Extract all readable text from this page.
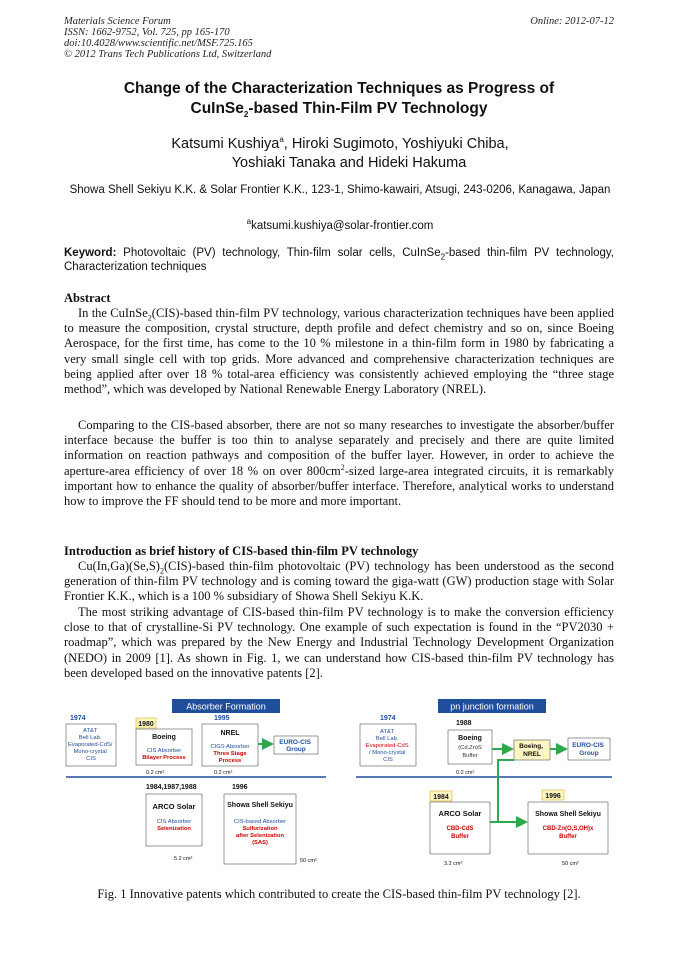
Materials Science Forum
ISSN: 1662-9752, Vol. 725, pp 165-170
doi:10.4028/www.scientific.net/MSF.725.165
© 2012 Trans Tech Publications Ltd, Switzerland
Online: 2012-07-12
Change of the Characterization Techniques as Progress of
CuInSe$_2$-based Thin-Film PV Technology
Katsumi Kushiya$^a$, Hiroki Sugimoto, Yoshiyuki Chiba,
Yoshiaki Tanaka and Hideki Hakuma
Showa Shell Sekiyu K.K. & Solar Frontier K.K., 123-1, Shimo-kawairi, Atsugi, 243-0206, Kanagawa, Japan
$^a$katsumi.kushiya@solar-frontier.com
Keyword: Photovoltaic (PV) technology, Thin-film solar cells, CuInSe$_2$-based thin-film PV technology, Characterization techniques
Abstract
In the CuInSe$_2$(CIS)-based thin-film PV technology, various characterization techniques have been applied to measure the composition, crystal structure, depth profile and defect chemistry and so on, since Boeing Aerospace, for the first time, has come to the 10 % milestone in a thin-film form in 1980 by fabricating a very small single cell with top grids. More advanced and comprehensive characterization techniques are being applied after over 18 % total-area efficiency was consistently achieved employing the “three stage method”, which was developed by National Renewable Energy Laboratory (NREL).
Comparing to the CIS-based absorber, there are not so many researches to investigate the absorber/buffer interface because the buffer is too thin to analyse separately and precisely and there are quite limited information on reaction pathways and composition of the buffer layer. However, in order to achieve the aperture-area efficiency of over 18 % on over $800cm^2$-sized large-area integrated circuits, it is remarkably important how to enhance the quality of absorber/buffer interface. Therefore, analytical works to understand how to improve the FF should tend to be more and more important.
Introduction as brief history of CIS-based thin-film PV technology
$Cu(In,Ga)(Se,S)_2(CIS)$-based thin-film photovoltaic (PV) technology has been understood as the second generation of thin-film PV technology and is coming toward the giga-watt (GW) production stage with Solar Frontier K.K., which is a 100 % subsidiary of Showa Shell Sekiyu K.K.
The most striking advantage of CIS-based thin-film PV technology is to make the conversion efficiency close to that of crystalline-Si PV technology. One example of such expectation is found in the “PV2030 + roadmap”, which was prepared by the New Energy and Industrial Technology Development Organization (NEDO) in 2009 [1]. As shown in Fig. 1, we can understand how CIS-based thin-film PV technology has been developed based on the innovative patents [2].
Absorber Formation
1974
AT&T Bell Lab. Evaporated-CdS/ Mono-crystal CIS
1980
Boeing
CIS Absorber
Bilayer Process
0.2 cm²
1995
NREL
CIGS Absorber
Three Stage
Process
0.2 cm²
EURO-CIS Group
1984,1987,1988
ARCO Solar
CIS Absorber
Selenization
5.2 cm²
1996
Showa Shell Sekiyu
CIS-based Absorber
Sulfurization
after Selenization
(SAS)
50 cm²
pn junction formation
1974
AT&T Bell Lab. Evaporated-CdS / Mono-crystal CIS
1988
Boeing
(Cd,Zn)S
Buffer
0.2 cm²
Boeing, NREL
EURO-CIS Group
1984
ARCO Solar
CBD-CdS
Buffer
3.2 cm²
1996
Showa Shell Sekiyu
CBD-Zn(O,S,OH)x
Buffer
50 cm²
Fig. 1 Innovative patents which contributed to create the CIS-based thin-film PV technology [2].
